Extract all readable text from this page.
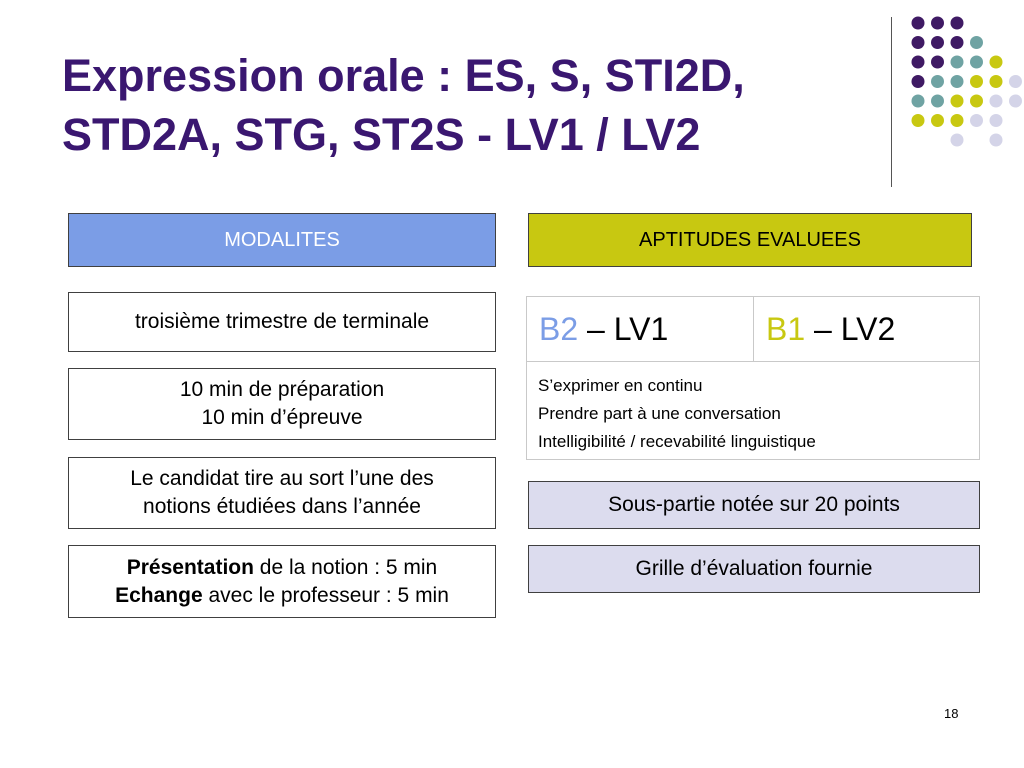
Expression orale : ES, S, STI2D,
STD2A, STG, ST2S - LV1 / LV2
MODALITES
troisième trimestre de terminale
10 min de préparation
10 min d’épreuve
Le candidat tire au sort l’une des
notions étudiées dans l’année
Présentation de la notion : 5 min
Echange avec le professeur : 5 min
APTITUDES EVALUEES
B2 – LV1	B1 – LV2
S’exprimer en continu
Prendre part à une conversation
Intelligibilité / recevabilité linguistique
Sous-partie notée sur 20 points
Grille d’évaluation fournie
18
